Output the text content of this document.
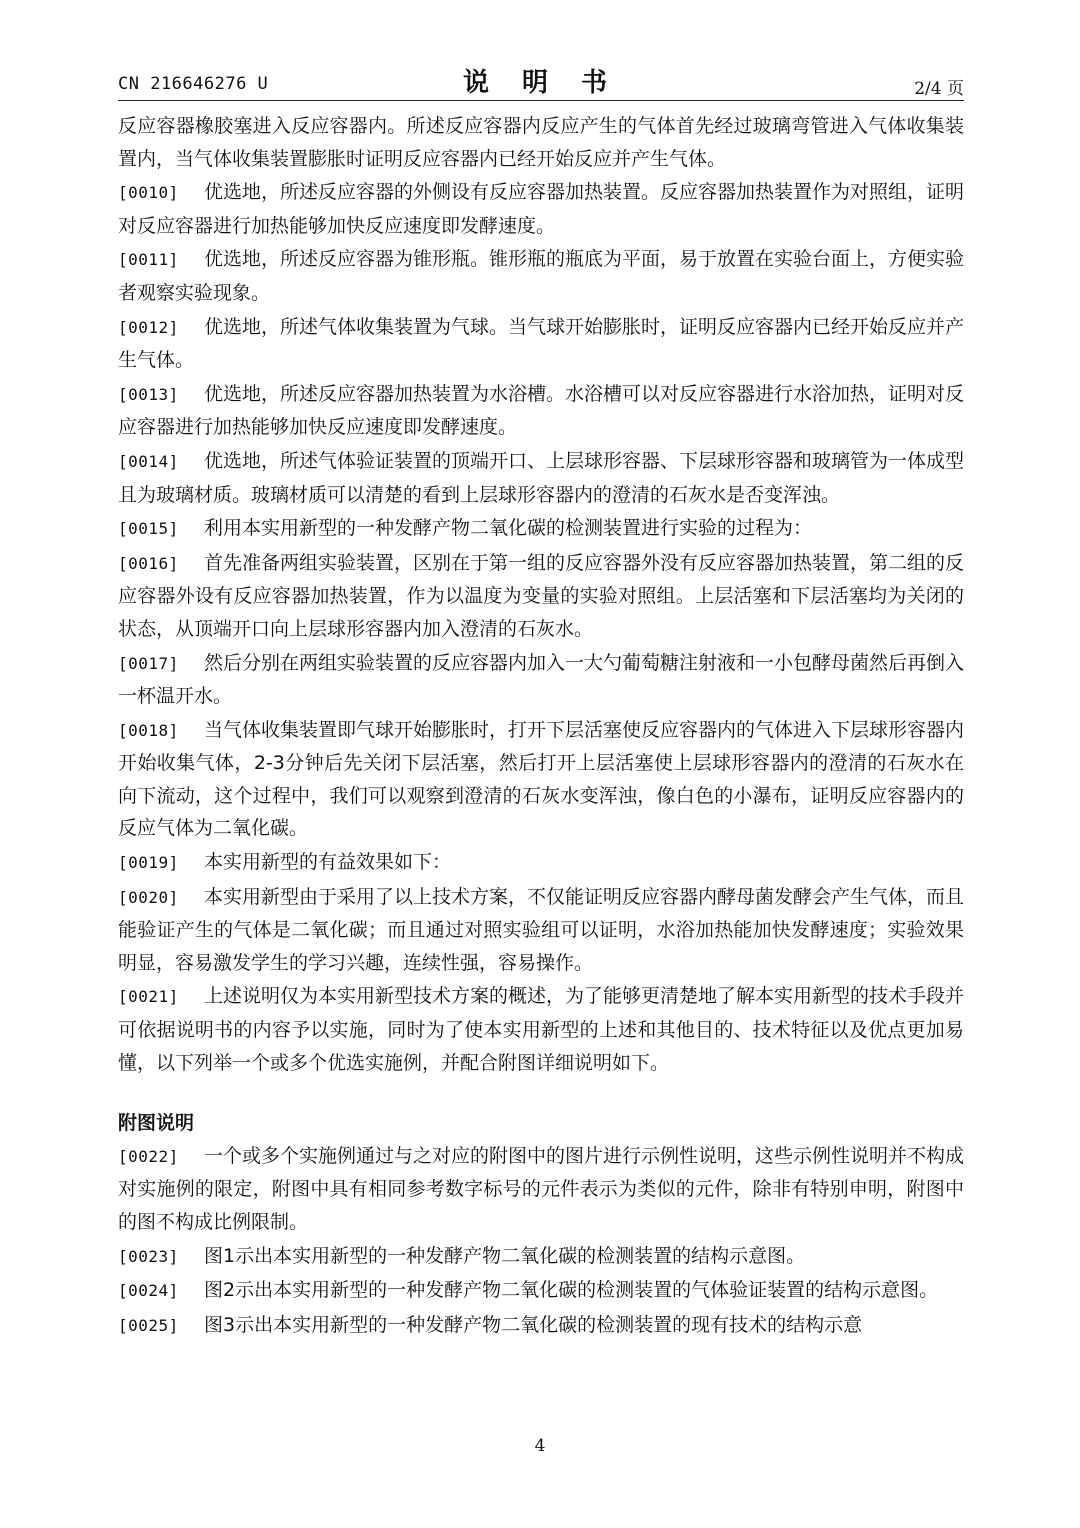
CN 216646276 U	说 明 书	2/4 页
反应容器橡胶塞进入反应容器内。所述反应容器内反应产生的气体首先经过玻璃弯管进入气体收集装置内，当气体收集装置膨胀时证明反应容器内已经开始反应并产生气体。
[0010] 优选地，所述反应容器的外侧设有反应容器加热装置。反应容器加热装置作为对照组，证明对反应容器进行加热能够加快反应速度即发酵速度。
[0011] 优选地，所述反应容器为锥形瓶。锥形瓶的瓶底为平面，易于放置在实验台面上，方便实验者观察实验现象。
[0012] 优选地，所述气体收集装置为气球。当气球开始膨胀时，证明反应容器内已经开始反应并产生气体。
[0013] 优选地，所述反应容器加热装置为水浴槽。水浴槽可以对反应容器进行水浴加热，证明对反应容器进行加热能够加快反应速度即发酵速度。
[0014] 优选地，所述气体验证装置的顶端开口、上层球形容器、下层球形容器和玻璃管为一体成型且为玻璃材质。玻璃材质可以清楚的看到上层球形容器内的澄清的石灰水是否变浑浊。
[0015] 利用本实用新型的一种发酵产物二氧化碳的检测装置进行实验的过程为：
[0016] 首先准备两组实验装置，区别在于第一组的反应容器外没有反应容器加热装置，第二组的反应容器外设有反应容器加热装置，作为以温度为变量的实验对照组。上层活塞和下层活塞均为关闭的状态，从顶端开口向上层球形容器内加入澄清的石灰水。
[0017] 然后分别在两组实验装置的反应容器内加入一大勺葡萄糖注射液和一小包酵母菌然后再倒入一杯温开水。
[0018] 当气体收集装置即气球开始膨胀时，打开下层活塞使反应容器内的气体进入下层球形容器内开始收集气体，2-3分钟后先关闭下层活塞，然后打开上层活塞使上层球形容器内的澄清的石灰水在向下流动，这个过程中，我们可以观察到澄清的石灰水变浑浊，像白色的小瀑布，证明反应容器内的反应气体为二氧化碳。
[0019] 本实用新型的有益效果如下：
[0020] 本实用新型由于采用了以上技术方案，不仅能证明反应容器内酵母菌发酵会产生气体，而且能验证产生的气体是二氧化碳；而且通过对照实验组可以证明，水浴加热能加快发酵速度；实验效果明显，容易激发学生的学习兴趣，连续性强，容易操作。
[0021] 上述说明仅为本实用新型技术方案的概述，为了能够更清楚地了解本实用新型的技术手段并可依据说明书的内容予以实施，同时为了使本实用新型的上述和其他目的、技术特征以及优点更加易懂，以下列举一个或多个优选实施例，并配合附图详细说明如下。
附图说明
[0022] 一个或多个实施例通过与之对应的附图中的图片进行示例性说明，这些示例性说明并不构成对实施例的限定，附图中具有相同参考数字标号的元件表示为类似的元件，除非有特别申明，附图中的图不构成比例限制。
[0023] 图1示出本实用新型的一种发酵产物二氧化碳的检测装置的结构示意图。
[0024] 图2示出本实用新型的一种发酵产物二氧化碳的检测装置的气体验证装置的结构示意图。
[0025] 图3示出本实用新型的一种发酵产物二氧化碳的检测装置的现有技术的结构示意
4
